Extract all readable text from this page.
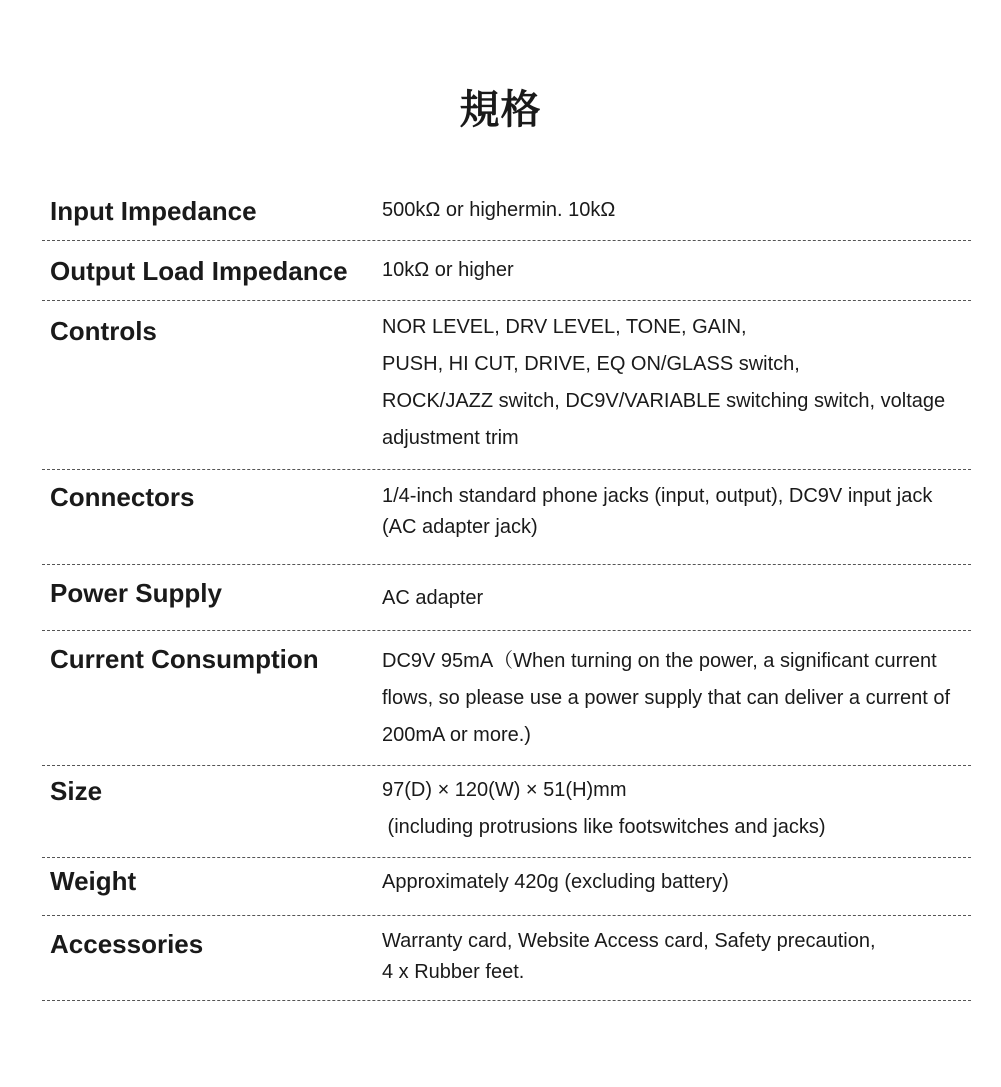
規格
Input Impedance	500kΩ or highermin. 10kΩ
Output Load Impedance 10kΩ or higher
Controls	NOR LEVEL, DRV LEVEL, TONE, GAIN,
PUSH, HI CUT, DRIVE, EQ ON/GLASS switch,
ROCK/JAZZ switch, DC9V/VARIABLE switching switch, voltage
adjustment trim
Connectors	1/4-inch standard phone jacks (input, output), DC9V input jack
(AC adapter jack)
Power Supply	AC adapter
Current Consumption	DC9V 95mA（When turning on the power, a significant current
flows, so please use a power supply that can deliver a current of
200mA or more.)
Size	97(D) × 120(W) × 51(H)mm
(including protrusions like footswitches and jacks)
Weight	Approximately 420g (excluding battery)
Accessories	Warranty card, Website Access card, Safety precaution,
4 x Rubber feet.
